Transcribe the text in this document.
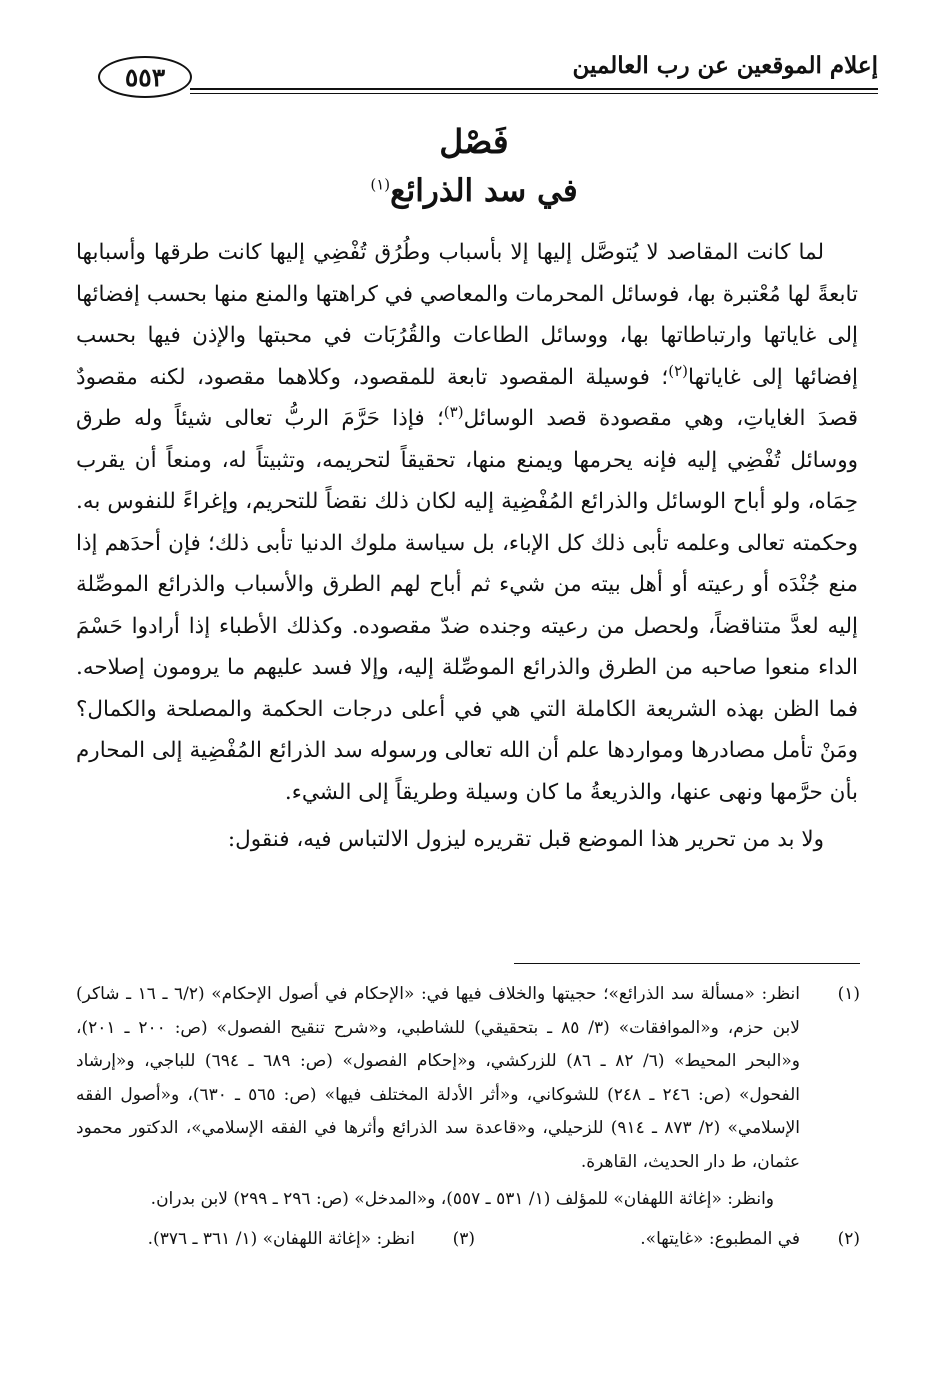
إعلام الموقعين عن رب العالمين
٥٥٣
فَصْل
في سد الذرائع$^{(١)}$

لما كانت المقاصد لا يُتوصَّل إليها إلا بأسباب وطُرُق تُفْضِي إليها كانت طرقها وأسبابها تابعةً لها مُعْتبرة بها، فوسائل المحرمات والمعاصي في كراهتها والمنع منها بحسب إفضائها إلى غاياتها وارتباطاتها بها، ووسائل الطاعات والقُرُبَات في محبتها والإذن فيها بحسب إفضائها إلى غاياتها$^{(٢)}$؛ فوسيلة المقصود تابعة للمقصود، وكلاهما مقصود، لكنه مقصودٌ قصدَ الغاياتِ، وهي مقصودة قصد الوسائل$^{(٣)}$؛ فإذا حَرَّمَ الربُّ تعالى شيئاً وله طرق ووسائل تُفْضِي إليه فإنه يحرمها ويمنع منها، تحقيقاً لتحريمه، وتثبيتاً له، ومنعاً أن يقرب حِمَاه، ولو أباح الوسائل والذرائع المُفْضِية إليه لكان ذلك نقضاً للتحريم، وإغراءً للنفوس به. وحكمته تعالى وعلمه تأبى ذلك كل الإباء، بل سياسة ملوك الدنيا تأبى ذلك؛ فإن أحدَهم إذا منع جُنْدَه أو رعيته أو أهل بيته من شيء ثم أباح لهم الطرق والأسباب والذرائع الموصِّلة إليه لعدَّ متناقضاً، ولحصل من رعيته وجنده ضدّ مقصوده. وكذلك الأطباء إذا أرادوا حَسْمَ الداء منعوا صاحبه من الطرق والذرائع الموصِّلة إليه، وإلا فسد عليهم ما يرومون إصلاحه. فما الظن بهذه الشريعة الكاملة التي هي في أعلى درجات الحكمة والمصلحة والكمال؟ ومَنْ تأمل مصادرها ومواردها علم أن الله تعالى ورسوله سد الذرائع المُفْضِية إلى المحارم بأن حرَّمها ونهى عنها، والذريعةُ ما كان وسيلة وطريقاً إلى الشيء.

ولا بد من تحرير هذا الموضع قبل تقريره ليزول الالتباس فيه، فنقول:

(١)
انظر: «مسألة سد الذرائع»؛ حجيتها والخلاف فيها في: «الإحكام في أصول الإحكام» (٦/٢ ـ ١٦ ـ شاكر) لابن حزم، و«الموافقات» (٣/ ٨٥ ـ بتحقيقي) للشاطبي، و«شرح تنقيح الفصول» (ص: ٢٠٠ ـ ٢٠١)، و«البحر المحيط» (٦/ ٨٢ ـ ٨٦) للزركشي، و«إحكام الفصول» (ص: ٦٨٩ ـ ٦٩٤) للباجي، و«إرشاد الفحول» (ص: ٢٤٦ ـ ٢٤٨) للشوكاني، و«أثر الأدلة المختلف فيها» (ص: ٥٦٥ ـ ٦٣٠)، و«أصول الفقه الإسلامي» (٢/ ٨٧٣ ـ ٩١٤) للزحيلي، و«قاعدة سد الذرائع وأثرها في الفقه الإسلامي»، الدكتور محمود عثمان، ط دار الحديث، القاهرة.

وانظر: «إغاثة اللهفان» للمؤلف (١/ ٥٣١ ـ ٥٥٧)، و«المدخل» (ص: ٢٩٦ ـ ٢٩٩) لابن بدران.

(٢)في المطبوع: «غايتها».
(٣)انظر: «إغاثة اللهفان» (١/ ٣٦١ ـ ٣٧٦).
